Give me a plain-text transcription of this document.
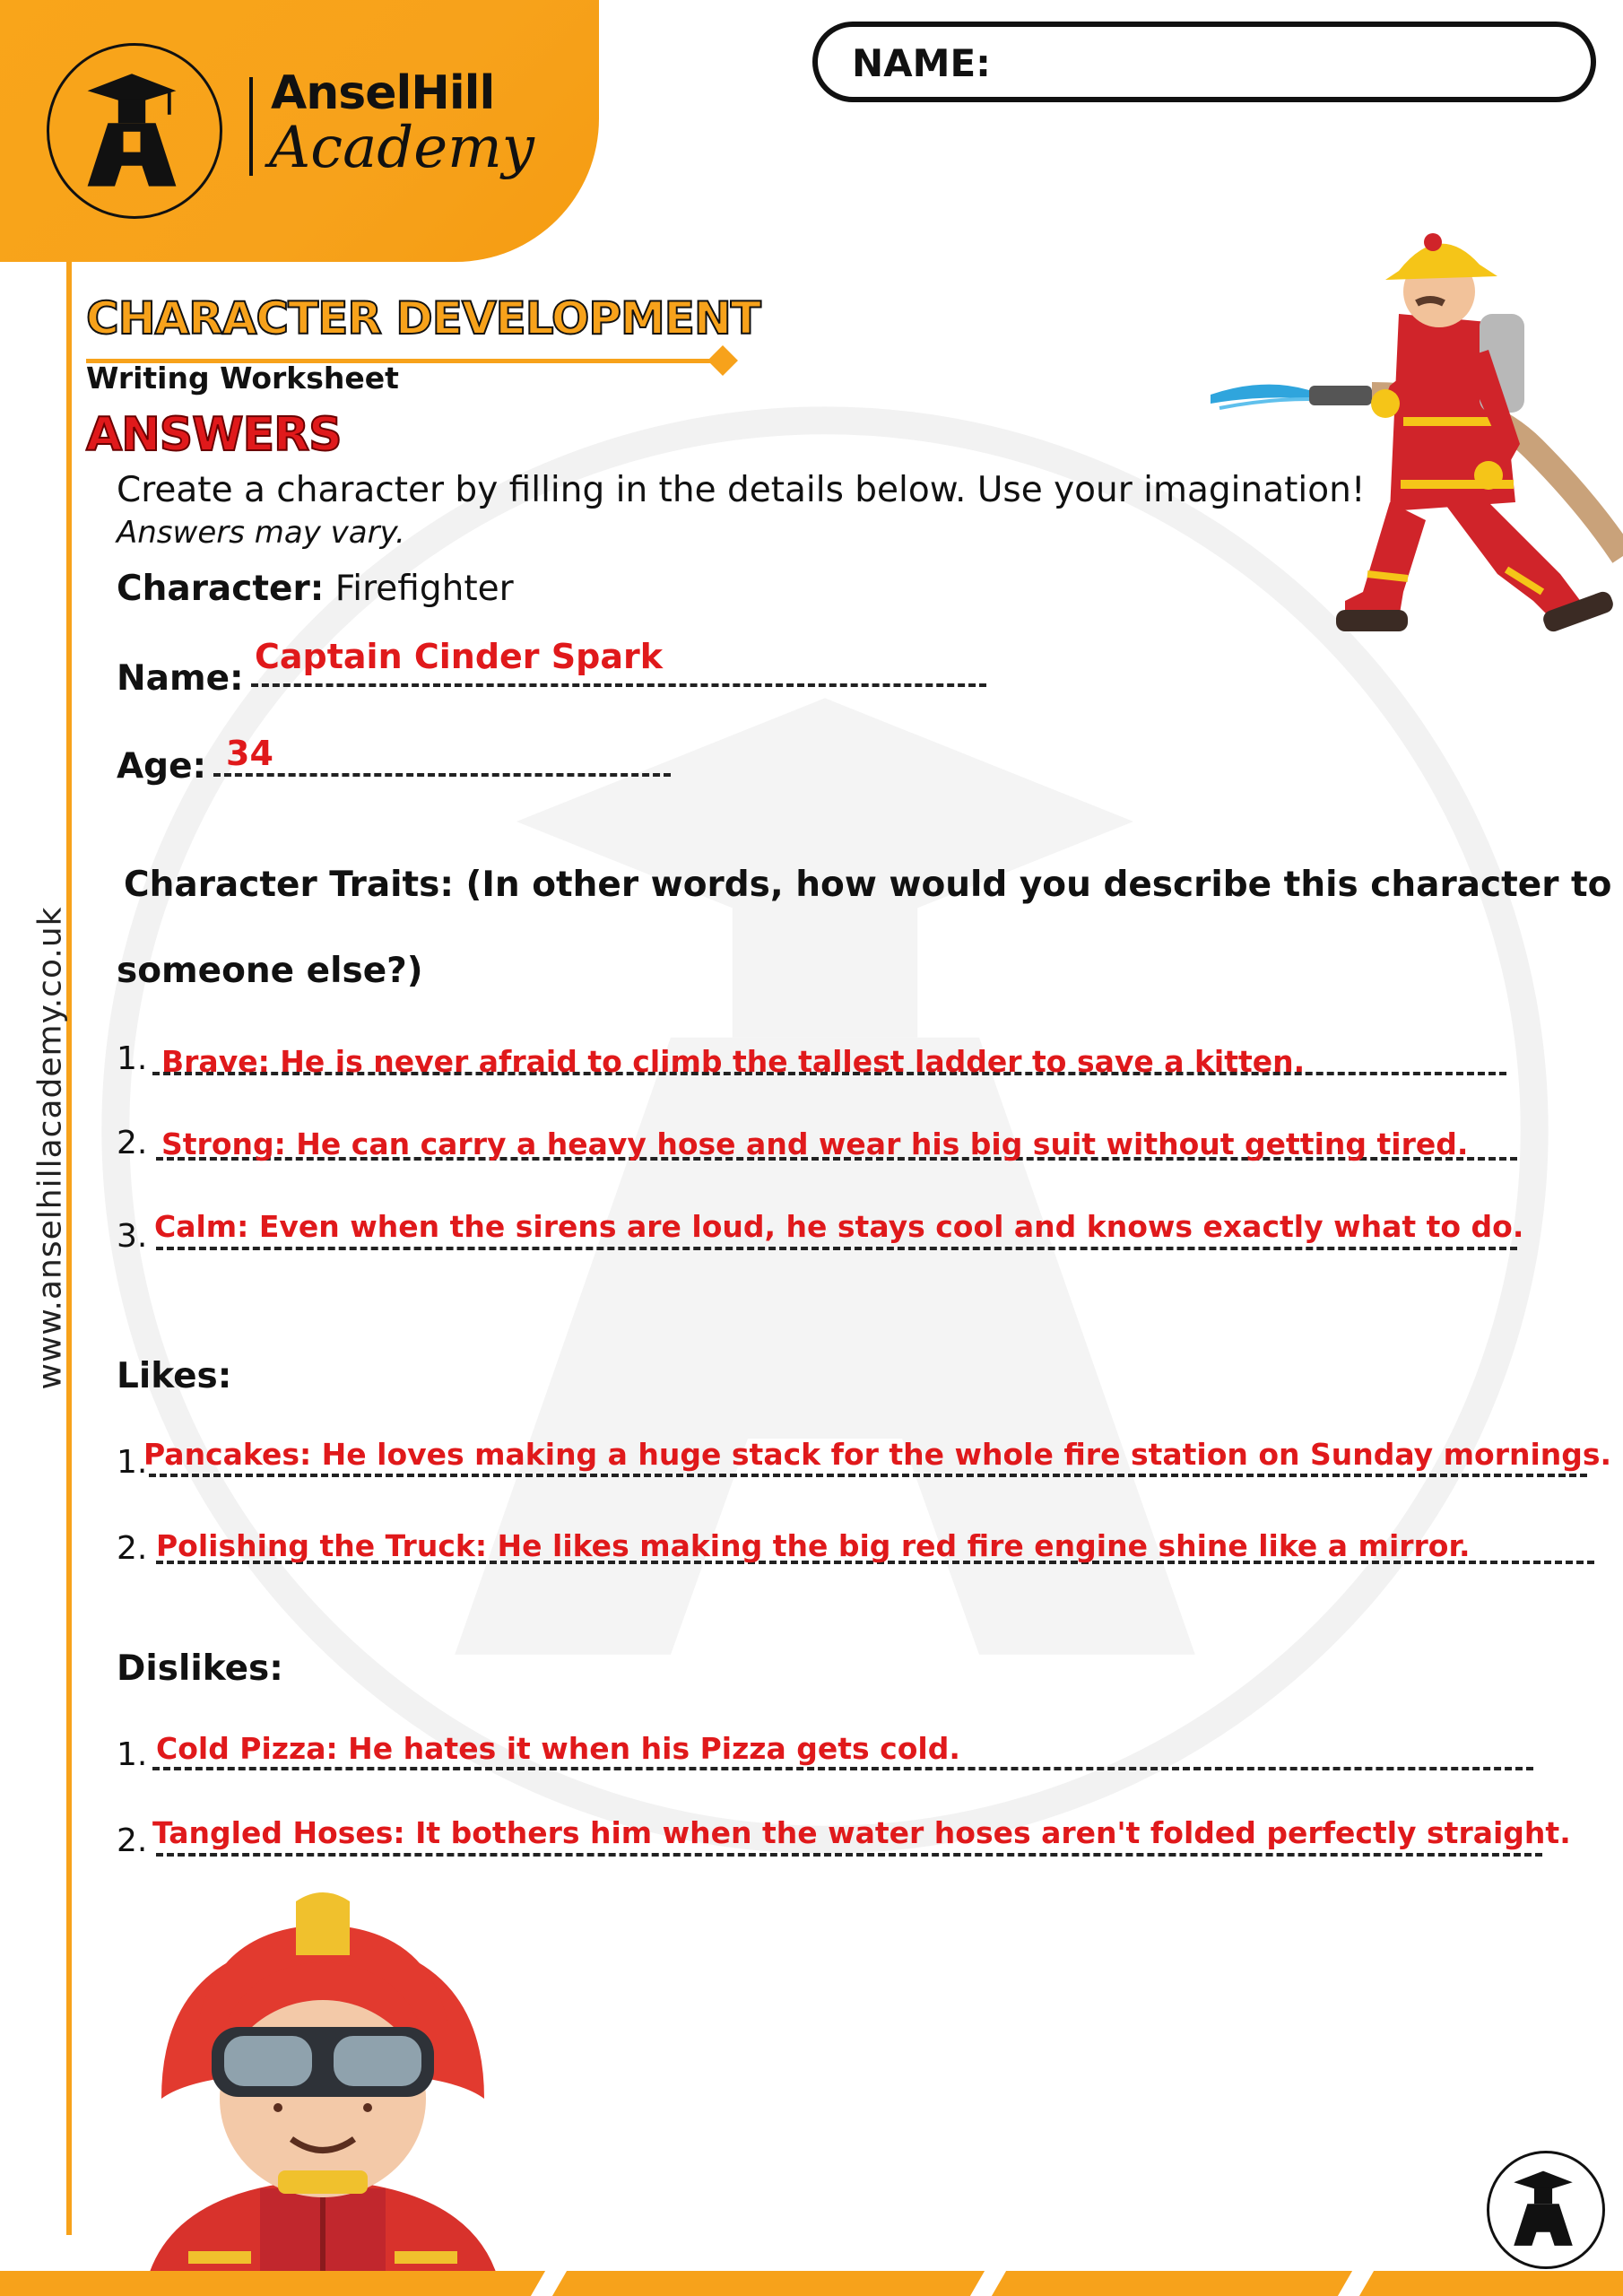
AnselHill
Academy
NAME:
www.anselhillacademy.co.uk
CHARACTER DEVELOPMENT
Writing Worksheet
ANSWERS
Create a character by filling in the details below. Use your imagination!
Answers may vary.
Character: Firefighter
Name:
Captain Cinder Spark
Age: 34
Character Traits: (In other words, how would you describe this character to
someone else?)
1. Brave: He is never afraid to climb the tallest ladder to save a kitten.
2. Strong: He can carry a heavy hose and wear his big suit without getting tired.
3. Calm: Even when the sirens are loud, he stays cool and knows exactly what to do.
Likes:
1.
Pancakes: He loves making a huge stack for the whole fire station on Sunday mornings.
2. Polishing the Truck: He likes making the big red fire engine shine like a mirror.
Dislikes:
1. Cold Pizza: He hates it when his Pizza gets cold.
2. Tangled Hoses: It bothers him when the water hoses aren't folded perfectly straight.
